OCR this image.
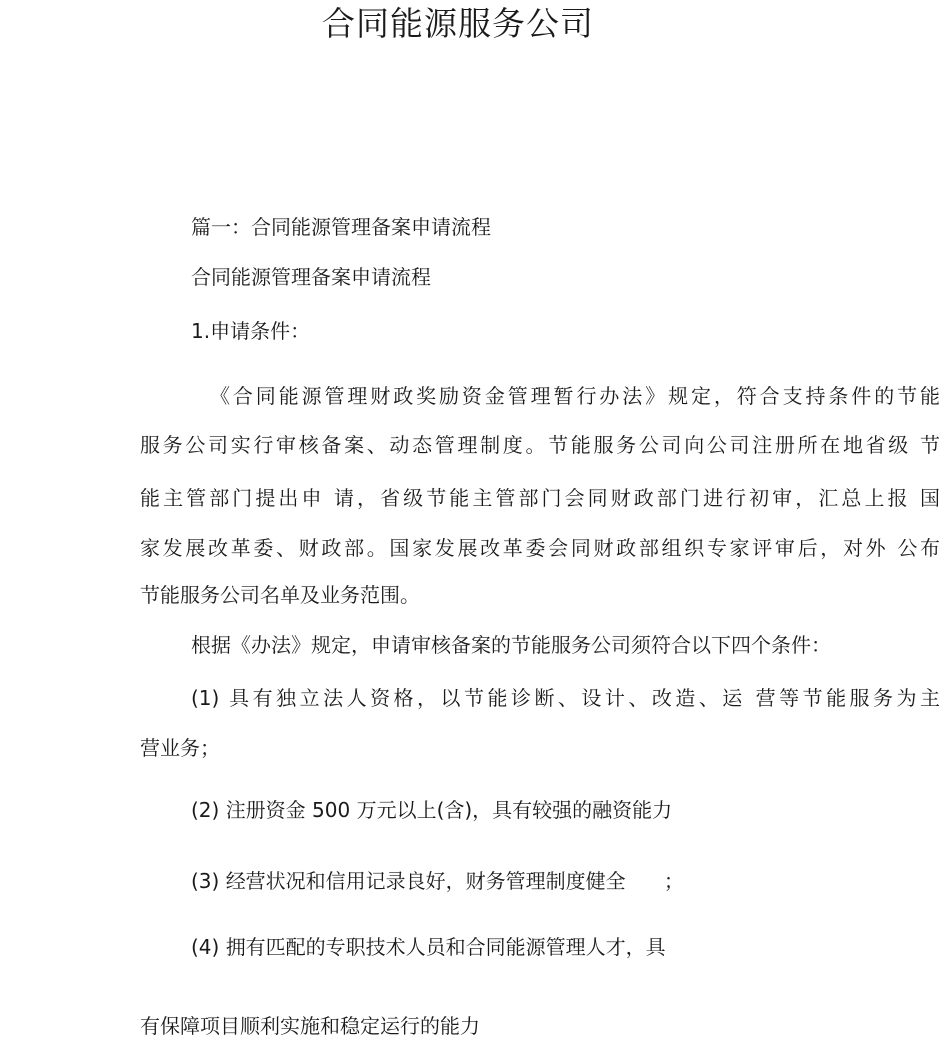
合同能源服务公司

篇一：合同能源管理备案申请流程

合同能源管理备案申请流程

1.申请条件：

《合同能源管理财政奖励资金管理暂行办法》规定，符合支持条件的节能

服务公司实行审核备案、动态管理制度。节能服务公司向公司注册所在地省级 节

能主管部门提出申 请，省级节能主管部门会同财政部门进行初审，汇总上报 国

家发展改革委、财政部。国家发展改革委会同财政部组织专家评审后，对外 公布

节能服务公司名单及业务范围。

根据《办法》规定，申请审核备案的节能服务公司须符合以下四个条件：

(1) 具有独立法人资格，以节能诊断、设计、改造、运 营等节能服务为主

营业务；

(2) 注册资金 500 万元以上(含)，具有较强的融资能力

(3) 经营状况和信用记录良好，财务管理制度健全      ；

(4) 拥有匹配的专职技术人员和合同能源管理人才，具

有保障项目顺利实施和稳定运行的能力
